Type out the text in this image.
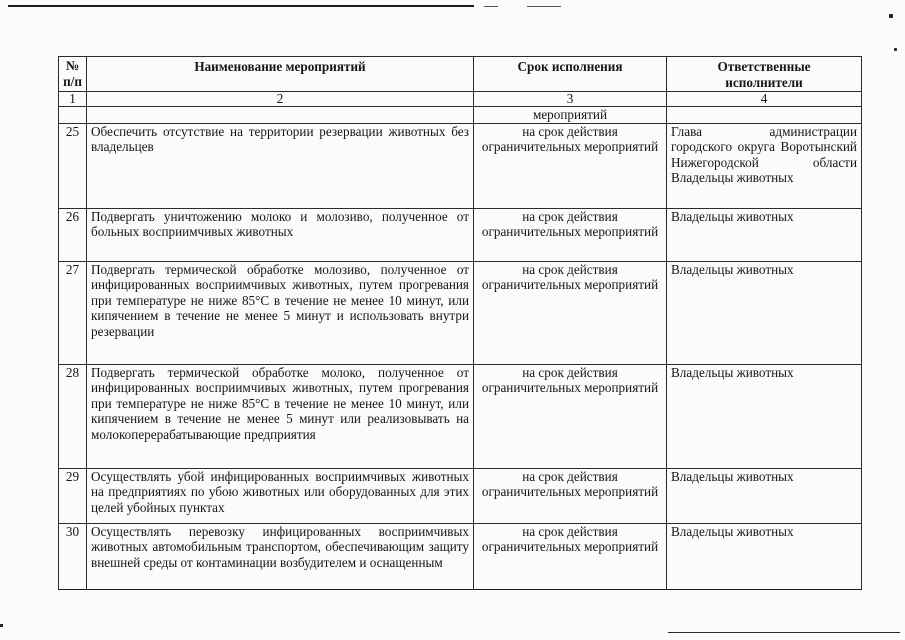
№ п/п	Наименование мероприятий	Срок исполнения	Ответственные исполнители
1	2	3	4
		мероприятий	
25	Обеспечить отсутствие на территории резервации животных без владельцев	на срок действия ограничительных мероприятий	Глава администрации городского округа Воротынский Нижегородской области Владельцы животных
26	Подвергать уничтожению молоко и молозиво, полученное от больных восприимчивых животных	на срок действия ограничительных мероприятий	Владельцы животных
27	Подвергать термической обработке молозиво, полученное от инфицированных восприимчивых животных, путем прогревания при температуре не ниже 85°С в течение не менее 10 минут, или кипячением в течение не менее 5 минут и использовать внутри резервации	на срок действия ограничительных мероприятий	Владельцы животных
28	Подвергать термической обработке молоко, полученное от инфицированных восприимчивых животных, путем прогревания при температуре не ниже 85°С в течение не менее 10 минут, или кипячением в течение не менее 5 минут или реализовывать на молокоперерабатывающие предприятия	на срок действия ограничительных мероприятий	Владельцы животных
29	Осуществлять убой инфицированных восприимчивых животных на предприятиях по убою животных или оборудованных для этих целей убойных пунктах	на срок действия ограничительных мероприятий	Владельцы животных
30	Осуществлять перевозку инфицированных восприимчивых животных автомобильным транспортом, обеспечивающим защиту внешней среды от контаминации возбудителем и оснащенным	на срок действия ограничительных мероприятий	Владельцы животных
